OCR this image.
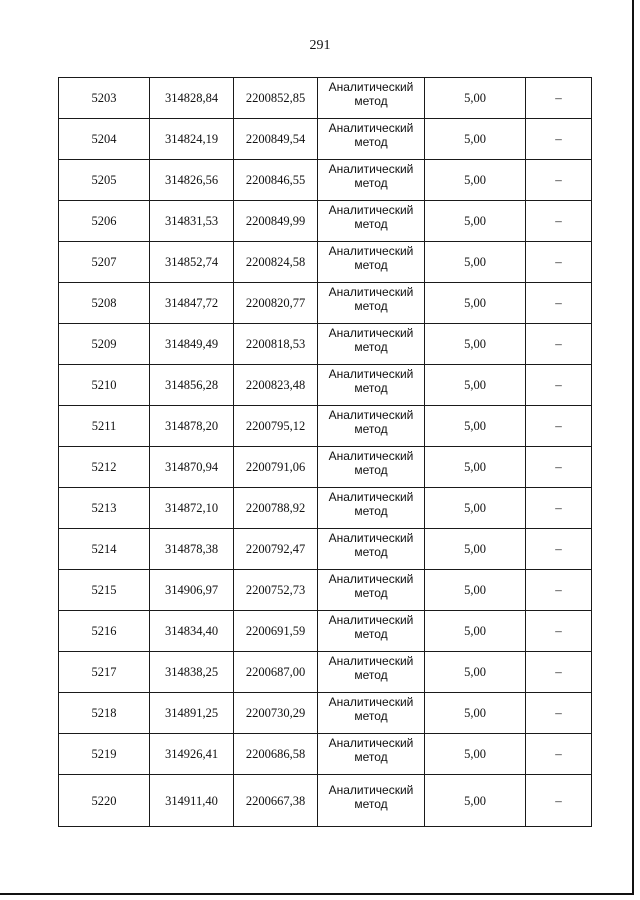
291
5203	314828,84	2200852,85	Аналитический метод	5,00	–
5204	314824,19	2200849,54	Аналитический метод	5,00	–
5205	314826,56	2200846,55	Аналитический метод	5,00	–
5206	314831,53	2200849,99	Аналитический метод	5,00	–
5207	314852,74	2200824,58	Аналитический метод	5,00	–
5208	314847,72	2200820,77	Аналитический метод	5,00	–
5209	314849,49	2200818,53	Аналитический метод	5,00	–
5210	314856,28	2200823,48	Аналитический метод	5,00	–
5211	314878,20	2200795,12	Аналитический метод	5,00	–
5212	314870,94	2200791,06	Аналитический метод	5,00	–
5213	314872,10	2200788,92	Аналитический метод	5,00	–
5214	314878,38	2200792,47	Аналитический метод	5,00	–
5215	314906,97	2200752,73	Аналитический метод	5,00	–
5216	314834,40	2200691,59	Аналитический метод	5,00	–
5217	314838,25	2200687,00	Аналитический метод	5,00	–
5218	314891,25	2200730,29	Аналитический метод	5,00	–
5219	314926,41	2200686,58	Аналитический метод	5,00	–
5220	314911,40	2200667,38	Аналитический метод	5,00	–
